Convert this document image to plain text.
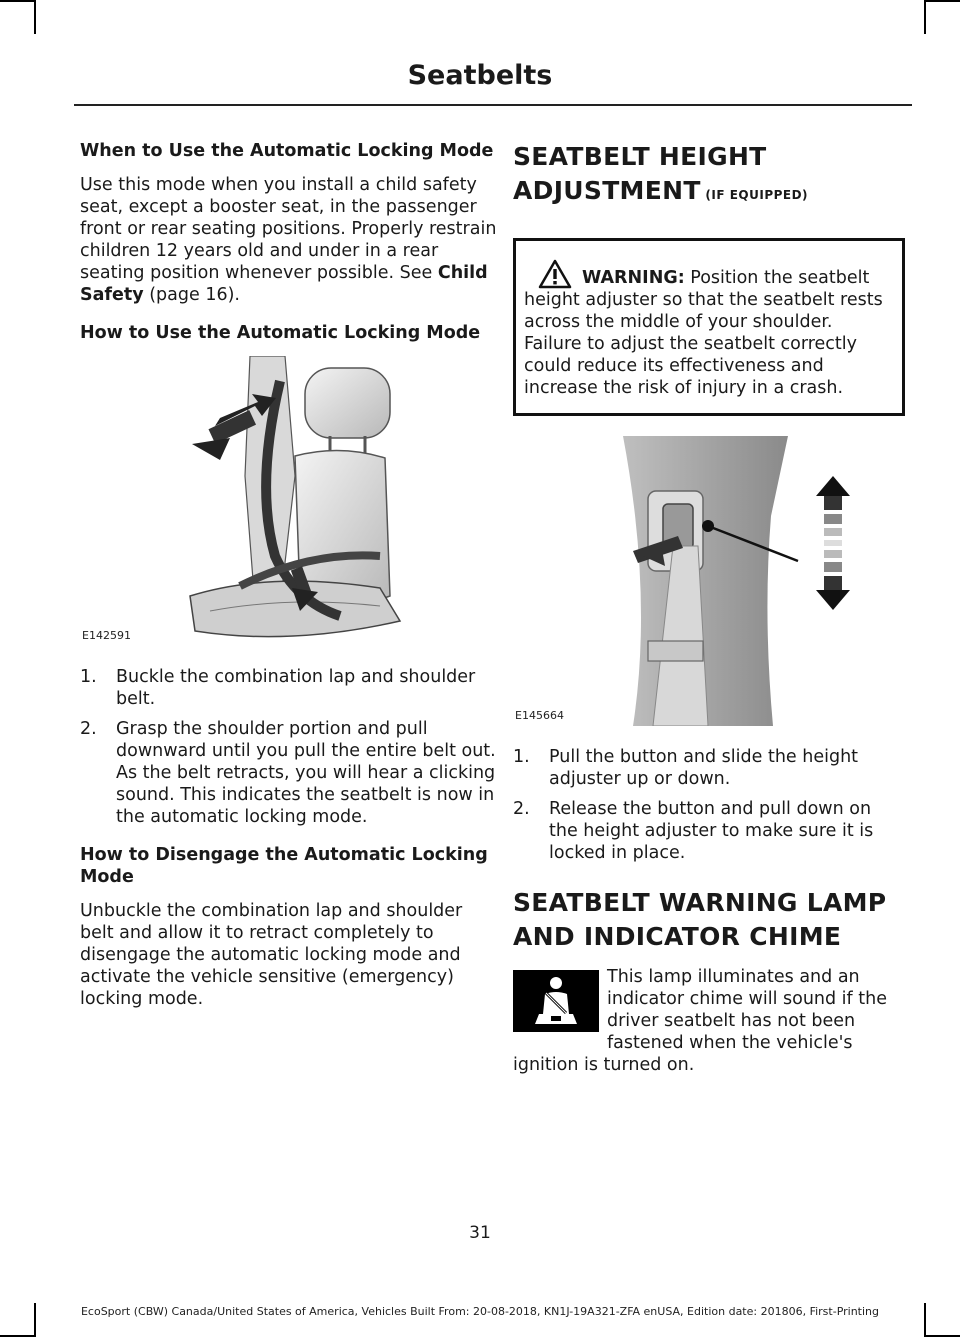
Seatbelts
When to Use the Automatic Locking Mode

Use this mode when you install a child safety seat, except a booster seat, in the passenger front or rear seating positions. Properly restrain children 12 years old and under in a rear seating position whenever possible. See Child Safety (page 16).

How to Use the Automatic Locking Mode
E142591
1. Buckle the combination lap and shoulder belt.
2. Grasp the shoulder portion and pull downward until you pull the entire belt out. As the belt retracts, you will hear a clicking sound. This indicates the seatbelt is now in the automatic locking mode.
How to Disengage the Automatic Locking Mode

Unbuckle the combination lap and shoulder belt and allow it to retract completely to disengage the automatic locking mode and activate the vehicle sensitive (emergency) locking mode.

SEATBELT HEIGHT
ADJUSTMENT (IF EQUIPPED)
WARNING: Position the seatbelt height adjuster so that the seatbelt rests across the middle of your shoulder. Failure to adjust the seatbelt correctly could reduce its effectiveness and increase the risk of injury in a crash.
E145664
1. Pull the button and slide the height adjuster up or down.
2. Release the button and pull down on the height adjuster to make sure it is locked in place.
SEATBELT WARNING LAMP
AND INDICATOR CHIME

This lamp illuminates and an indicator chime will sound if the driver seatbelt has not been fastened when the vehicle's ignition is turned on.

31
EcoSport (CBW) Canada/United States of America, Vehicles Built From: 20-08-2018, KN1J-19A321-ZFA enUSA, Edition date: 201806, First-Printing
